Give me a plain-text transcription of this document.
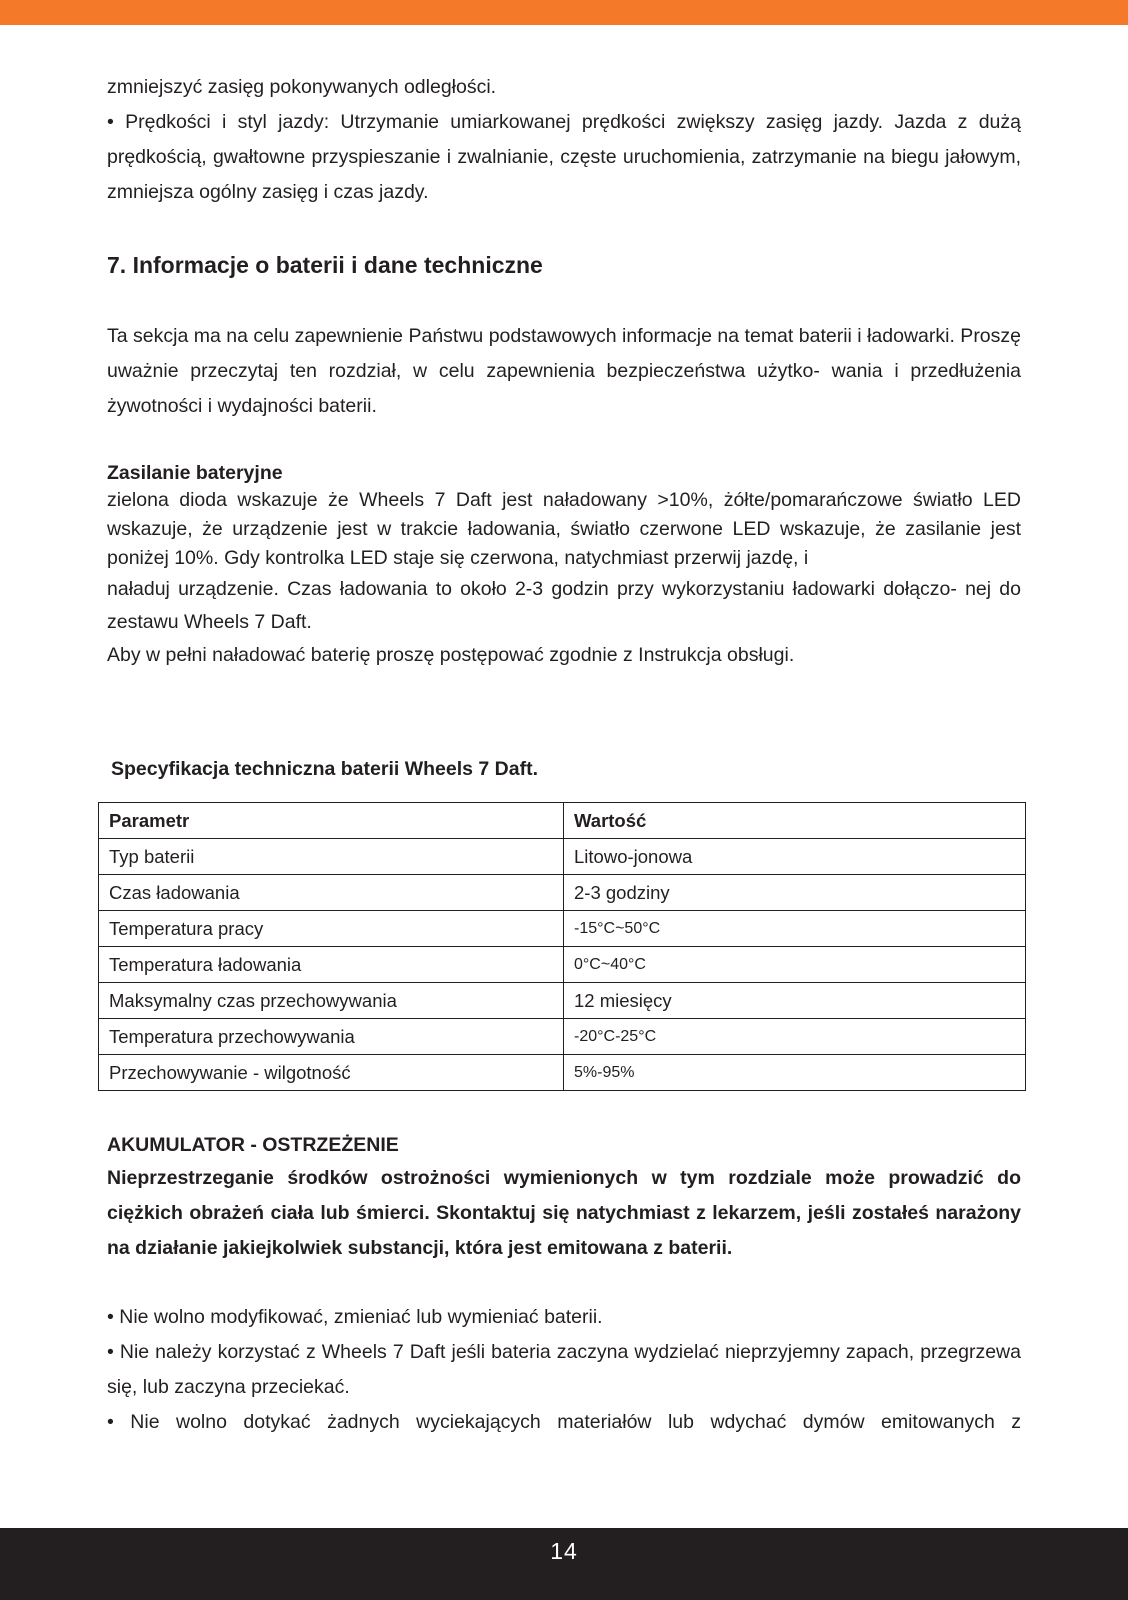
zmniejszyć zasięg pokonywanych odległości.

• Prędkości i styl jazdy: Utrzymanie umiarkowanej prędkości zwiększy zasięg jazdy. Jazda z dużą prędkością, gwałtowne przyspieszanie i zwalnianie, częste uruchomienia, zatrzymanie na biegu jałowym, zmniejsza ogólny zasięg i czas jazdy.

7. Informacje o baterii i dane techniczne

Ta sekcja ma na celu zapewnienie Państwu podstawowych informacje na temat baterii i ładowarki. Proszę uważnie przeczytaj ten rozdział, w celu zapewnienia bezpieczeństwa użytko- wania i przedłużenia żywotności i wydajności baterii.

Zasilanie bateryjne

zielona dioda wskazuje że Wheels 7 Daft jest naładowany >10%, żółte/pomarańczowe światło LED wskazuje, że urządzenie jest w trakcie ładowania, światło czerwone LED wskazuje, że zasilanie jest poniżej 10%. Gdy kontrolka LED staje się czerwona, natychmiast przerwij jazdę, i

naładuj urządzenie. Czas ładowania to około 2-3 godzin przy wykorzystaniu ładowarki dołączo- nej do zestawu Wheels 7 Daft.

Aby w pełni naładować baterię proszę postępować zgodnie z Instrukcja obsługi.

Specyfikacja techniczna baterii Wheels 7 Daft.

Parametr	Wartość
Typ baterii	Litowo-jonowa
Czas ładowania	2-3 godziny
Temperatura pracy	-15°C~50°C
Temperatura ładowania	0°C~40°C
Maksymalny czas przechowywania	12 miesięcy
Temperatura przechowywania	-20°C-25°C
Przechowywanie - wilgotność	5%-95%

AKUMULATOR - OSTRZEŻENIE

Nieprzestrzeganie środków ostrożności wymienionych w tym rozdziale może prowadzić do ciężkich obrażeń ciała lub śmierci. Skontaktuj się natychmiast z lekarzem, jeśli zostałeś narażony na działanie jakiejkolwiek substancji, która jest emitowana z baterii.

• Nie wolno modyfikować, zmieniać lub wymieniać baterii.

• Nie należy korzystać z Wheels 7 Daft jeśli bateria zaczyna wydzielać nieprzyjemny zapach, przegrzewa się, lub zaczyna przeciekać.

• Nie wolno dotykać żadnych wyciekających materiałów lub wdychać dymów emitowanych z

14
